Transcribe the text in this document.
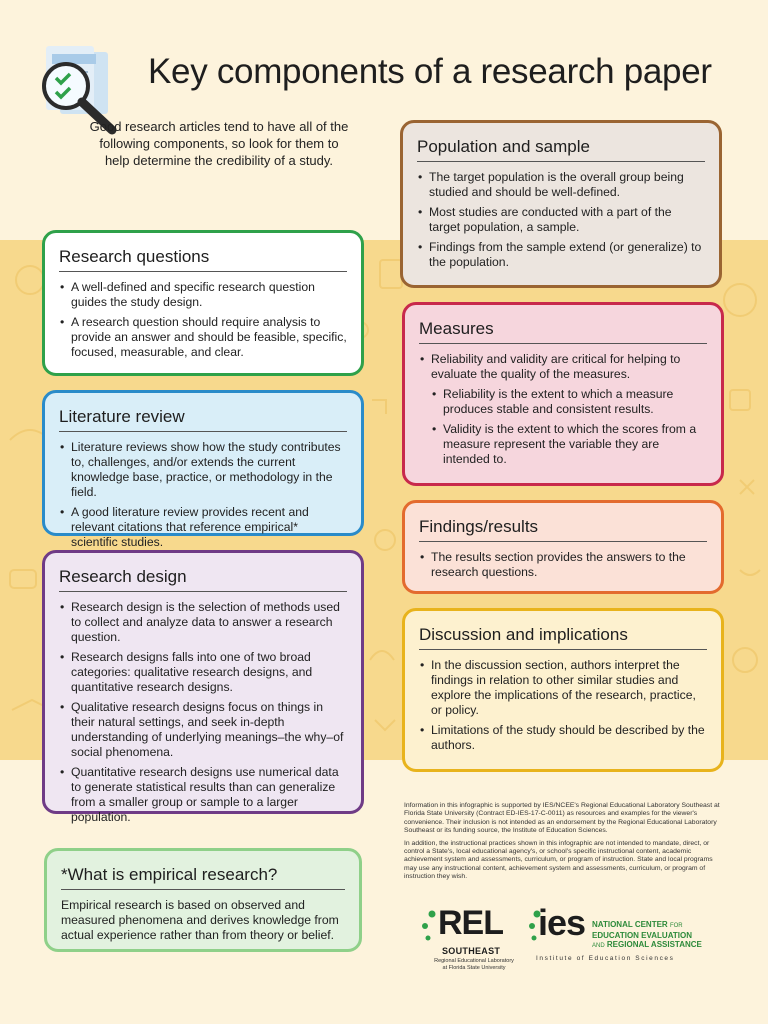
Key components of a research paper

Good research articles tend to have all of the following components, so look for them to help determine the credibility of a study.

Research questions
• A well-defined and specific research question guides the study design.
• A research question should require analysis to provide an answer and should be feasible, specific, focused, measurable, and clear.
Literature review
• Literature reviews show how the study contributes to, challenges, and/or extends the current knowledge base, practice, or methodology in the field.
• A good literature review provides recent and relevant citations that reference empirical* scientific studies.
Research design
• Research design is the selection of methods used to collect and analyze data to answer a research question.
• Research designs falls into one of two broad categories: qualitative research designs, and quantitative research designs.
• Qualitative research designs focus on things in their natural settings, and seek in-depth understanding of underlying meanings–the why–of social phenomena.
• Quantitative research designs use numerical data to generate statistical results than can generalize from a smaller group or sample to a larger population.
*What is empirical research?

Empirical research is based on observed and measured phenomena and derives knowledge from actual experience rather than from theory or belief.

Population and sample
• The target population is the overall group being studied and should be well-defined.
• Most studies are conducted with a part of the target population, a sample.
• Findings from the sample extend (or generalize) to the population.
Measures
• Reliability and validity are critical for helping to evaluate the quality of the measures.
• Reliability is the extent to which a measure produces stable and consistent results.
• Validity is the extent to which the scores from a measure represent the variable they are intended to.
Findings/results
• The results section provides the answers to the research questions.
Discussion and implications
• In the discussion section, authors interpret the findings in relation to other similar studies and explore the implications of the research, practice, or policy.
• Limitations of the study should be described by the authors.

Information in this infographic is supported by IES/NCEE's Regional Educational Laboratory Southeast at Florida State University (Contract ED-IES-17-C-0011) as resources and examples for the viewer's convenience. Their inclusion is not intended as an endorsement by the Regional Educational Laboratory Southeast or its funding source, the Institute of Education Sciences.

In addition, the instructional practices shown in this infographic are not intended to mandate, direct, or control a State's, local educational agency's, or school's specific instructional content, academic achievement system and assessments, curriculum, or program of instruction. State and local programs may use any instructional content, achievement system and assessments, curriculum, or program of instruction they wish.

REL
SOUTHEAST
Regional Educational Laboratory at Florida State University
ies NATIONAL CENTER FOR
EDUCATION EVALUATION
AND REGIONAL ASSISTANCE
Institute of Education Sciences
